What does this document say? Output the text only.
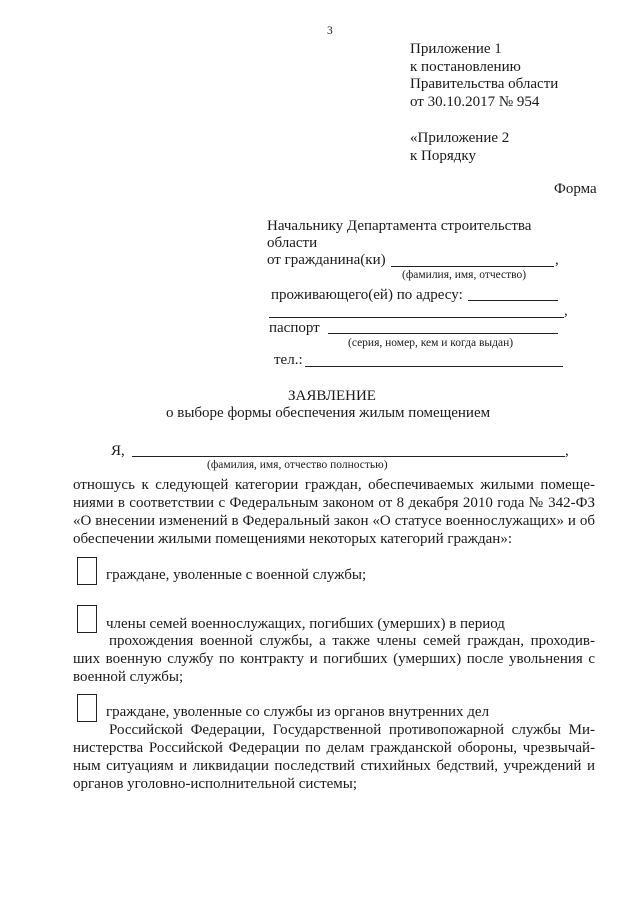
3
Приложение 1
к постановлению
Правительства области
от 30.10.2017 № 954
«Приложение 2
к Порядку
Форма
Начальнику Департамента строительства
области
от гражданина(ки)	,
(фамилия, имя, отчество)
проживающего(ей) по адресу:
,
паспорт
(серия, номер, кем и когда выдан)
тел.:
ЗАЯВЛЕНИЕ
о выборе формы обеспечения жилым помещением
Я,	,
(фамилия, имя, отчество полностью)
отношусь к следующей категории граждан, обеспечиваемых жилыми помеще-
ниями в соответствии с Федеральным законом от 8 декабря 2010 года № 342-ФЗ
«О внесении изменений в Федеральный закон «О статусе военнослужащих» и об
обеспечении жилыми помещениями некоторых категорий граждан»:
граждане, уволенные с военной службы;
члены семей военнослужащих, погибших (умерших) в период
прохождения военной службы, а также члены семей граждан, проходив-
ших военную службу по контракту и погибших (умерших) после увольнения с
военной службы;
граждане, уволенные со службы из органов внутренних дел
Российской Федерации, Государственной противопожарной службы Ми-
нистерства Российской Федерации по делам гражданской обороны, чрезвычай-
ным ситуациям и ликвидации последствий стихийных бедствий, учреждений и
органов уголовно-исполнительной системы;
